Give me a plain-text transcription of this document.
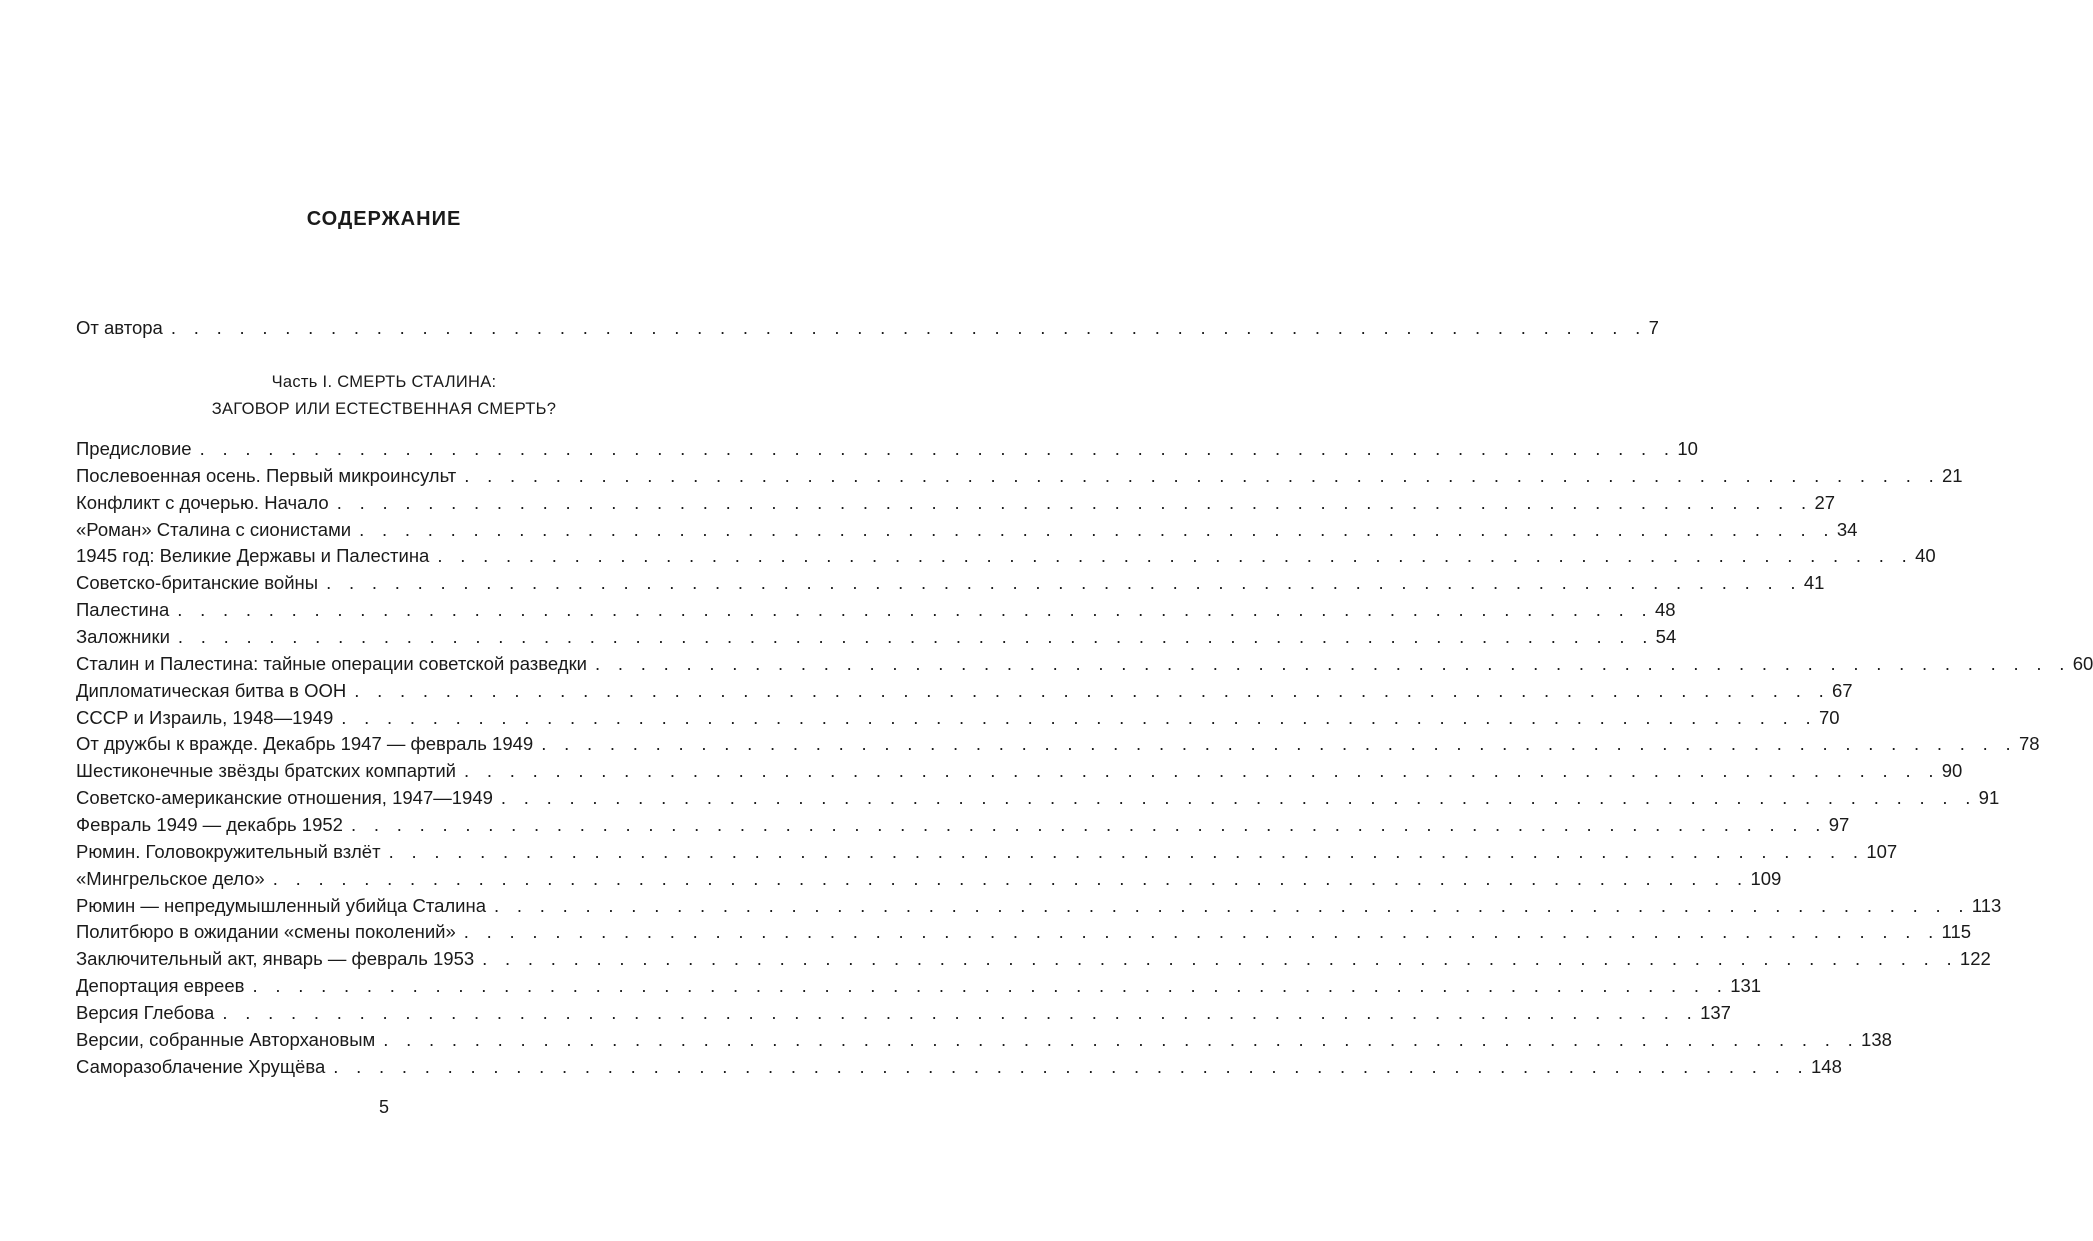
СОДЕРЖАНИЕ
От автора . . . . . . . . . . . . . . . . . . . . . . . . . . . . . . . . . . . . . . . . . . . . . . . . . . . . . . . . . . . . . . . . . 7
Часть I. СМЕРТЬ СТАЛИНА:
ЗАГОВОР ИЛИ ЕСТЕСТВЕННАЯ СМЕРТЬ?
Предисловие . . . . . . . . . . . . . . . . . . . . . . . . . . . . . . . . . . . . . . . . . . . . . . . . . . . . . . . . . . . . . . . . . 10
Послевоенная осень. Первый микроинсульт . . . . . . . . . . . . . . . . . . . . . . . . . . . . . . . . . . . . . . . . . . . . . . . . . . . . . . . . . . . . . . . . . 21
Конфликт с дочерью. Начало . . . . . . . . . . . . . . . . . . . . . . . . . . . . . . . . . . . . . . . . . . . . . . . . . . . . . . . . . . . . . . . . . 27
«Роман» Сталина с сионистами . . . . . . . . . . . . . . . . . . . . . . . . . . . . . . . . . . . . . . . . . . . . . . . . . . . . . . . . . . . . . . . . . 34
1945 год: Великие Державы и Палестина . . . . . . . . . . . . . . . . . . . . . . . . . . . . . . . . . . . . . . . . . . . . . . . . . . . . . . . . . . . . . . . . . 40
Советско-британские войны . . . . . . . . . . . . . . . . . . . . . . . . . . . . . . . . . . . . . . . . . . . . . . . . . . . . . . . . . . . . . . . . . 41
Палестина . . . . . . . . . . . . . . . . . . . . . . . . . . . . . . . . . . . . . . . . . . . . . . . . . . . . . . . . . . . . . . . . . 48
Заложники . . . . . . . . . . . . . . . . . . . . . . . . . . . . . . . . . . . . . . . . . . . . . . . . . . . . . . . . . . . . . . . . . 54
Сталин и Палестина: тайные операции советской разведки . . . . . . . . . . . . . . . . . . . . . . . . . . . . . . . . . . . . . . . . . . . . . . . . . . . . . . . . . . . . . . . . . 60
Дипломатическая битва в ООН . . . . . . . . . . . . . . . . . . . . . . . . . . . . . . . . . . . . . . . . . . . . . . . . . . . . . . . . . . . . . . . . . 67
СССР и Израиль, 1948—1949 . . . . . . . . . . . . . . . . . . . . . . . . . . . . . . . . . . . . . . . . . . . . . . . . . . . . . . . . . . . . . . . . . 70
От дружбы к вражде. Декабрь 1947 — февраль 1949 . . . . . . . . . . . . . . . . . . . . . . . . . . . . . . . . . . . . . . . . . . . . . . . . . . . . . . . . . . . . . . . . . 78
Шестиконечные звёзды братских компартий . . . . . . . . . . . . . . . . . . . . . . . . . . . . . . . . . . . . . . . . . . . . . . . . . . . . . . . . . . . . . . . . . 90
Советско-американские отношения, 1947—1949 . . . . . . . . . . . . . . . . . . . . . . . . . . . . . . . . . . . . . . . . . . . . . . . . . . . . . . . . . . . . . . . . . 91
Февраль 1949 — декабрь 1952 . . . . . . . . . . . . . . . . . . . . . . . . . . . . . . . . . . . . . . . . . . . . . . . . . . . . . . . . . . . . . . . . . 97
Рюмин. Головокружительный взлёт . . . . . . . . . . . . . . . . . . . . . . . . . . . . . . . . . . . . . . . . . . . . . . . . . . . . . . . . . . . . . . . . . 107
«Мингрельское дело» . . . . . . . . . . . . . . . . . . . . . . . . . . . . . . . . . . . . . . . . . . . . . . . . . . . . . . . . . . . . . . . . . 109
Рюмин — непредумышленный убийца Сталина . . . . . . . . . . . . . . . . . . . . . . . . . . . . . . . . . . . . . . . . . . . . . . . . . . . . . . . . . . . . . . . . . 113
Политбюро в ожидании «смены поколений» . . . . . . . . . . . . . . . . . . . . . . . . . . . . . . . . . . . . . . . . . . . . . . . . . . . . . . . . . . . . . . . . . 115
Заключительный акт, январь — февраль 1953 . . . . . . . . . . . . . . . . . . . . . . . . . . . . . . . . . . . . . . . . . . . . . . . . . . . . . . . . . . . . . . . . . 122
Депортация евреев . . . . . . . . . . . . . . . . . . . . . . . . . . . . . . . . . . . . . . . . . . . . . . . . . . . . . . . . . . . . . . . . . 131
Версия Глебова . . . . . . . . . . . . . . . . . . . . . . . . . . . . . . . . . . . . . . . . . . . . . . . . . . . . . . . . . . . . . . . . . 137
Версии, собранные Авторхановым . . . . . . . . . . . . . . . . . . . . . . . . . . . . . . . . . . . . . . . . . . . . . . . . . . . . . . . . . . . . . . . . . 138
Саморазоблачение Хрущёва . . . . . . . . . . . . . . . . . . . . . . . . . . . . . . . . . . . . . . . . . . . . . . . . . . . . . . . . . . . . . . . . . 148
5
